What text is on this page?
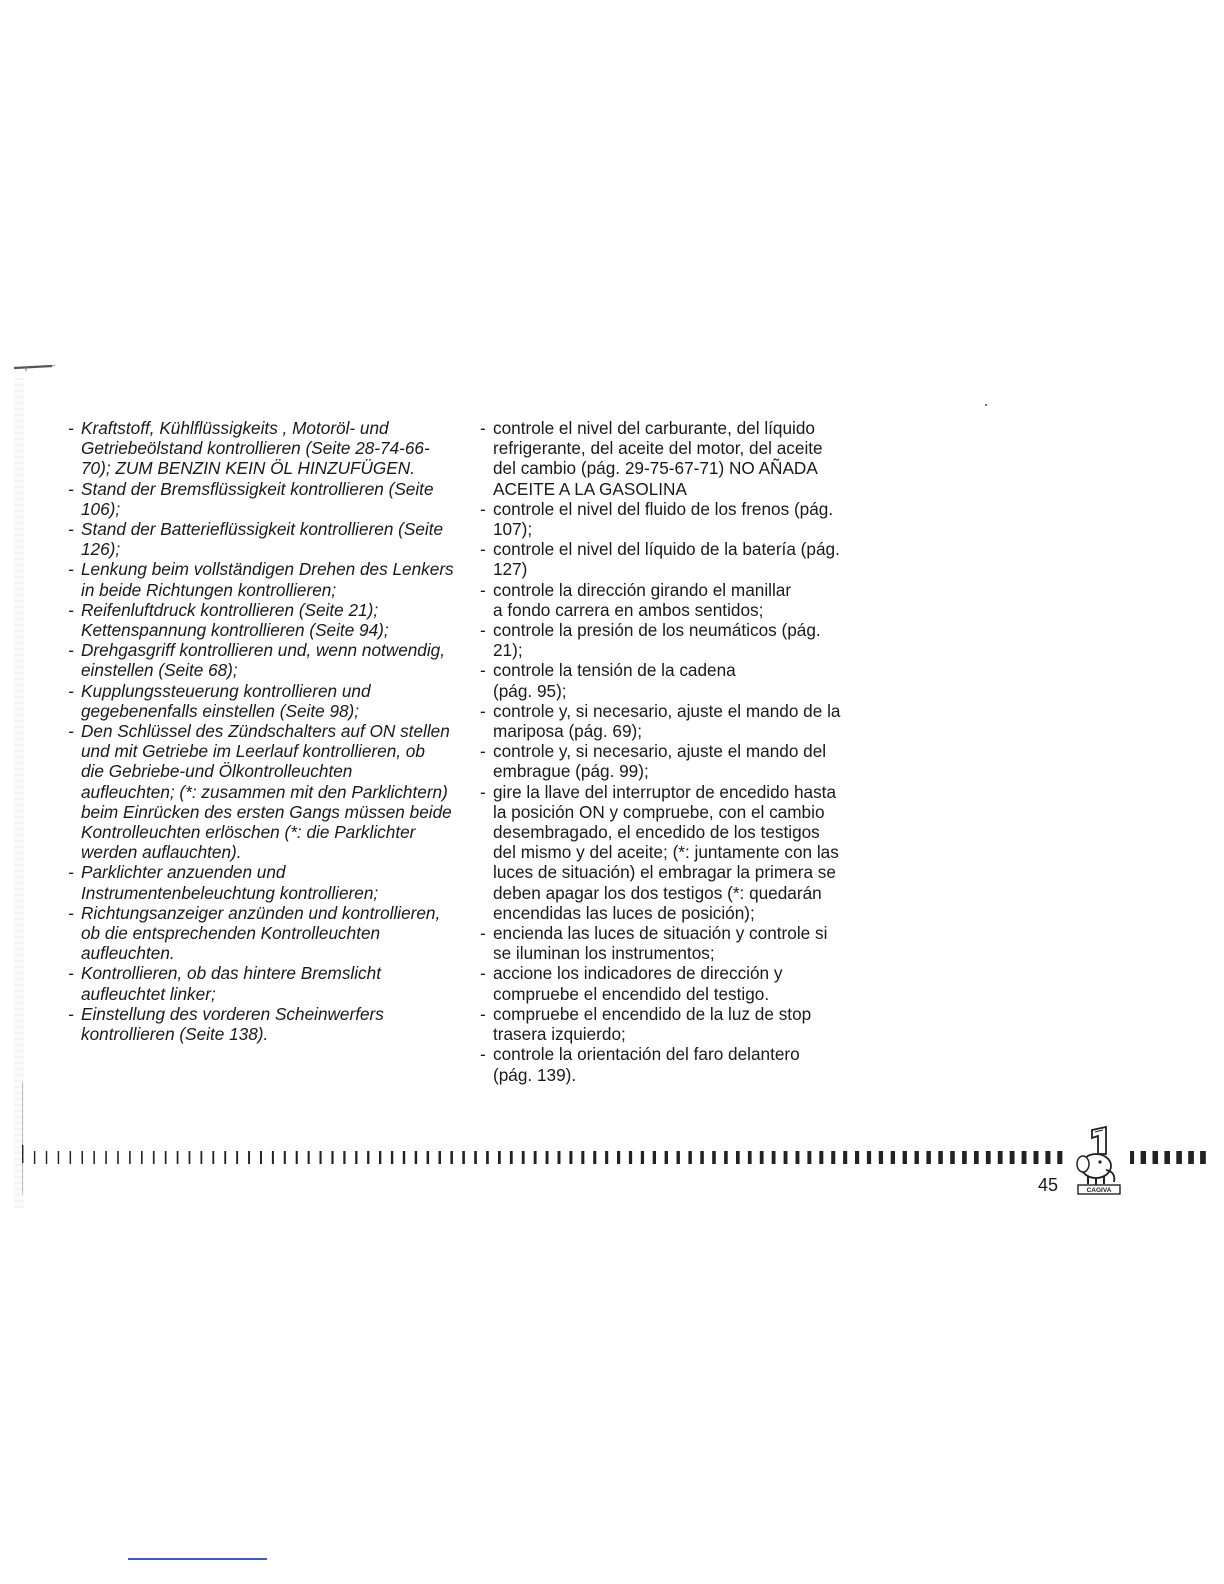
- Kraftstoff, Kühlflüssigkeits , Motoröl- und
Getriebeölstand kontrollieren (Seite 28-74-66-
70); ZUM BENZIN KEIN ÖL HINZUFÜGEN.
- Stand der Bremsflüssigkeit kontrollieren (Seite
106);
- Stand der Batterieflüssigkeit kontrollieren (Seite
126);
- Lenkung beim vollständigen Drehen des Lenkers
in beide Richtungen kontrollieren;
- Reifenluftdruck kontrollieren (Seite 21);
Kettenspannung kontrollieren (Seite 94);
- Drehgasgriff kontrollieren und, wenn notwendig,
einstellen (Seite 68);
- Kupplungssteuerung kontrollieren und
gegebenenfalls einstellen (Seite 98);
- Den Schlüssel des Zündschalters auf ON stellen
und mit Getriebe im Leerlauf kontrollieren, ob
die Gebriebe-und Ölkontrolleuchten
aufleuchten; (*: zusammen mit den Parklichtern)
beim Einrücken des ersten Gangs müssen beide
Kontrolleuchten erlöschen (*: die Parklichter
werden auflauchten).
- Parklichter anzuenden und
Instrumentenbeleuchtung kontrollieren;
- Richtungsanzeiger anzünden und kontrollieren,
ob die entsprechenden Kontrolleuchten
aufleuchten.
- Kontrollieren, ob das hintere Bremslicht
aufleuchtet linker;
- Einstellung des vorderen Scheinwerfers
kontrollieren (Seite 138).
- controle el nivel del carburante, del líquido
refrigerante, del aceite del motor, del aceite
del cambio (pág. 29-75-67-71) NO AÑADA
ACEITE A LA GASOLINA
- controle el nivel del fluido de los frenos (pág.
107);
- controle el nivel del líquido de la batería (pág.
127)
- controle la dirección girando el manillar
a fondo carrera en ambos sentidos;
- controle la presión de los neumáticos (pág.
21);
- controle la tensión de la cadena
(pág. 95);
- controle y, si necesario, ajuste el mando de la
mariposa (pág. 69);
- controle y, si necesario, ajuste el mando del
embrague (pág. 99);
- gire la llave del interruptor de encedido hasta
la posición ON y compruebe, con el cambio
desembragado, el encedido de los testigos
del mismo y del aceite; (*: juntamente con las
luces de situación) el embragar la primera se
deben apagar los dos testigos (*: quedarán
encendidas las luces de posición);
- encienda las luces de situación y controle si
se iluminan los instrumentos;
- accione los indicadores de dirección y
compruebe el encendido del testigo.
- compruebe el encendido de la luz de stop
trasera izquierdo;
- controle la orientación del faro delantero
(pág. 139).
CAGIVA
45
